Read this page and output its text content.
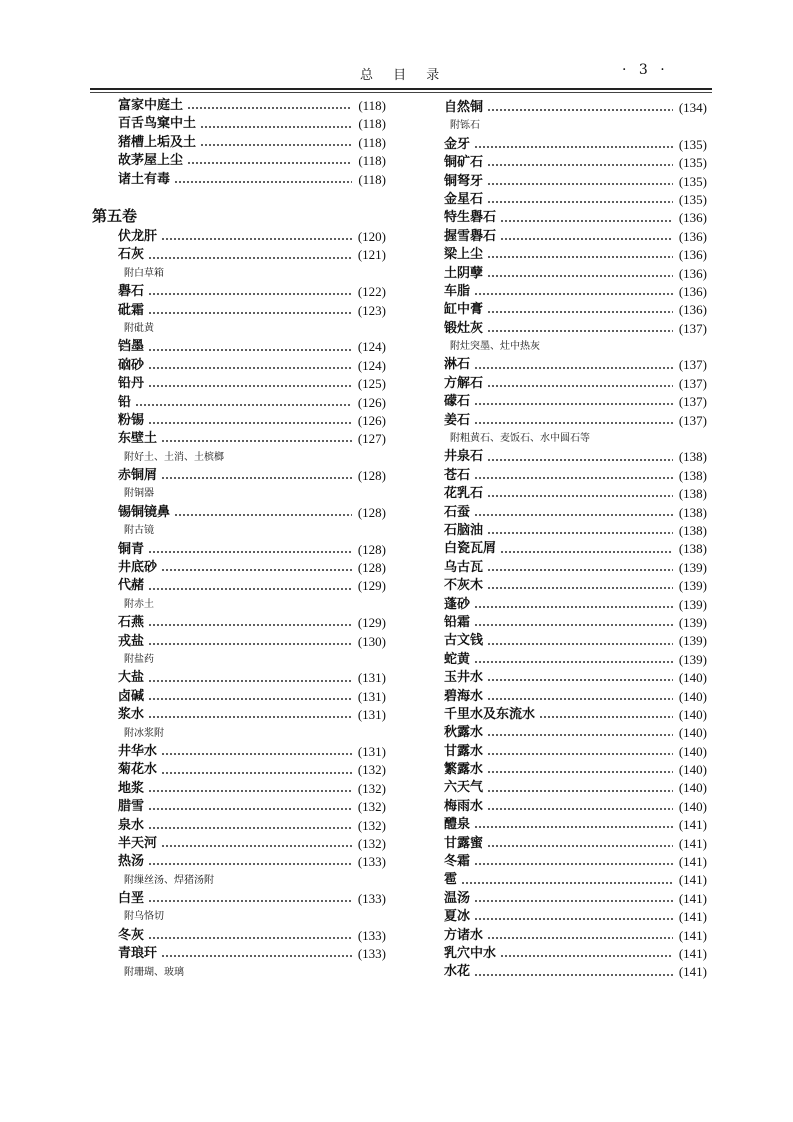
总 目 录	· 3 ·
富家中庭土	(118)
百舌鸟窠中土	(118)
猪槽上垢及土	(118)
故茅屋上尘	(118)
诸土有毒	(118)
第五卷
伏龙肝	(120)
石灰	(121)
附白草箱
礜石	(122)
砒霜	(123)
附砒黄
铛墨	(124)
硇砂	(124)
铅丹	(125)
铅	(126)
粉锡	(126)
东壁土	(127)
附好土、土消、土槟榔
赤铜屑	(128)
附铜器
锡铜镜鼻	(128)
附古镜
铜青	(128)
井底砂	(128)
代赭	(129)
附赤土
石燕	(129)
戎盐	(130)
附盐药
大盐	(131)
卤碱	(131)
浆水	(131)
附冰浆附
井华水	(131)
菊花水	(132)
地浆	(132)
腊雪	(132)
泉水	(132)
半天河	(132)
热汤	(133)
附缫丝汤、焊猪汤附
白垩	(133)
附乌恪切
冬灰	(133)
青琅玕	(133)
附珊瑚、玻璃
自然铜	(134)
附铄石
金牙	(135)
铜矿石	(135)
铜弩牙	(135)
金星石	(135)
特生礜石	(136)
握雪礜石	(136)
梁上尘	(136)
土阴孽	(136)
车脂	(136)
缸中膏	(136)
锻灶灰	(137)
附灶突墨、灶中热灰
淋石	(137)
方解石	(137)
礞石	(137)
姜石	(137)
附粗黄石、麦饭石、水中圆石等
井泉石	(138)
苍石	(138)
花乳石	(138)
石蚕	(138)
石脑油	(138)
白瓷瓦屑	(138)
乌古瓦	(139)
不灰木	(139)
蓬砂	(139)
铅霜	(139)
古文钱	(139)
蛇黄	(139)
玉井水	(140)
碧海水	(140)
千里水及东流水	(140)
秋露水	(140)
甘露水	(140)
繁露水	(140)
六天气	(140)
梅雨水	(140)
醴泉	(141)
甘露蜜	(141)
冬霜	(141)
雹	(141)
温汤	(141)
夏冰	(141)
方诸水	(141)
乳穴中水	(141)
水花	(141)
